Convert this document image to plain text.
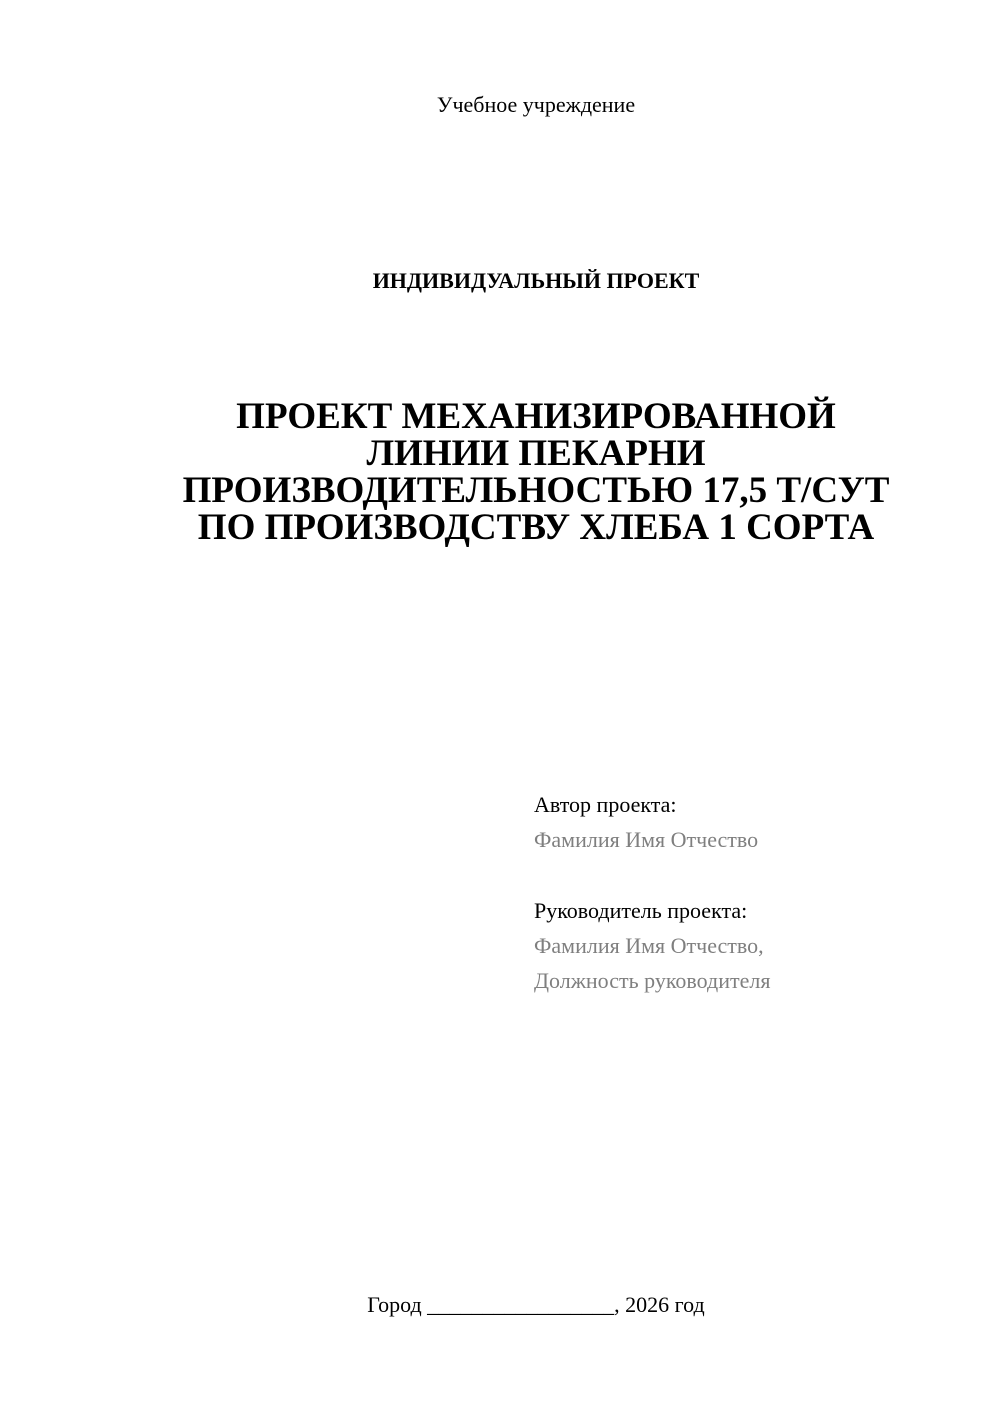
Учебное учреждение
ИНДИВИДУАЛЬНЫЙ ПРОЕКТ
ПРОЕКТ МЕХАНИЗИРОВАННОЙ
ЛИНИИ ПЕКАРНИ
ПРОИЗВОДИТЕЛЬНОСТЬЮ 17,5 Т/СУТ
ПО ПРОИЗВОДСТВУ ХЛЕБА 1 СОРТА
Автор проекта:
Фамилия Имя Отчество
Руководитель проекта:
Фамилия Имя Отчество,
Должность руководителя
Город _________________, 2026 год
